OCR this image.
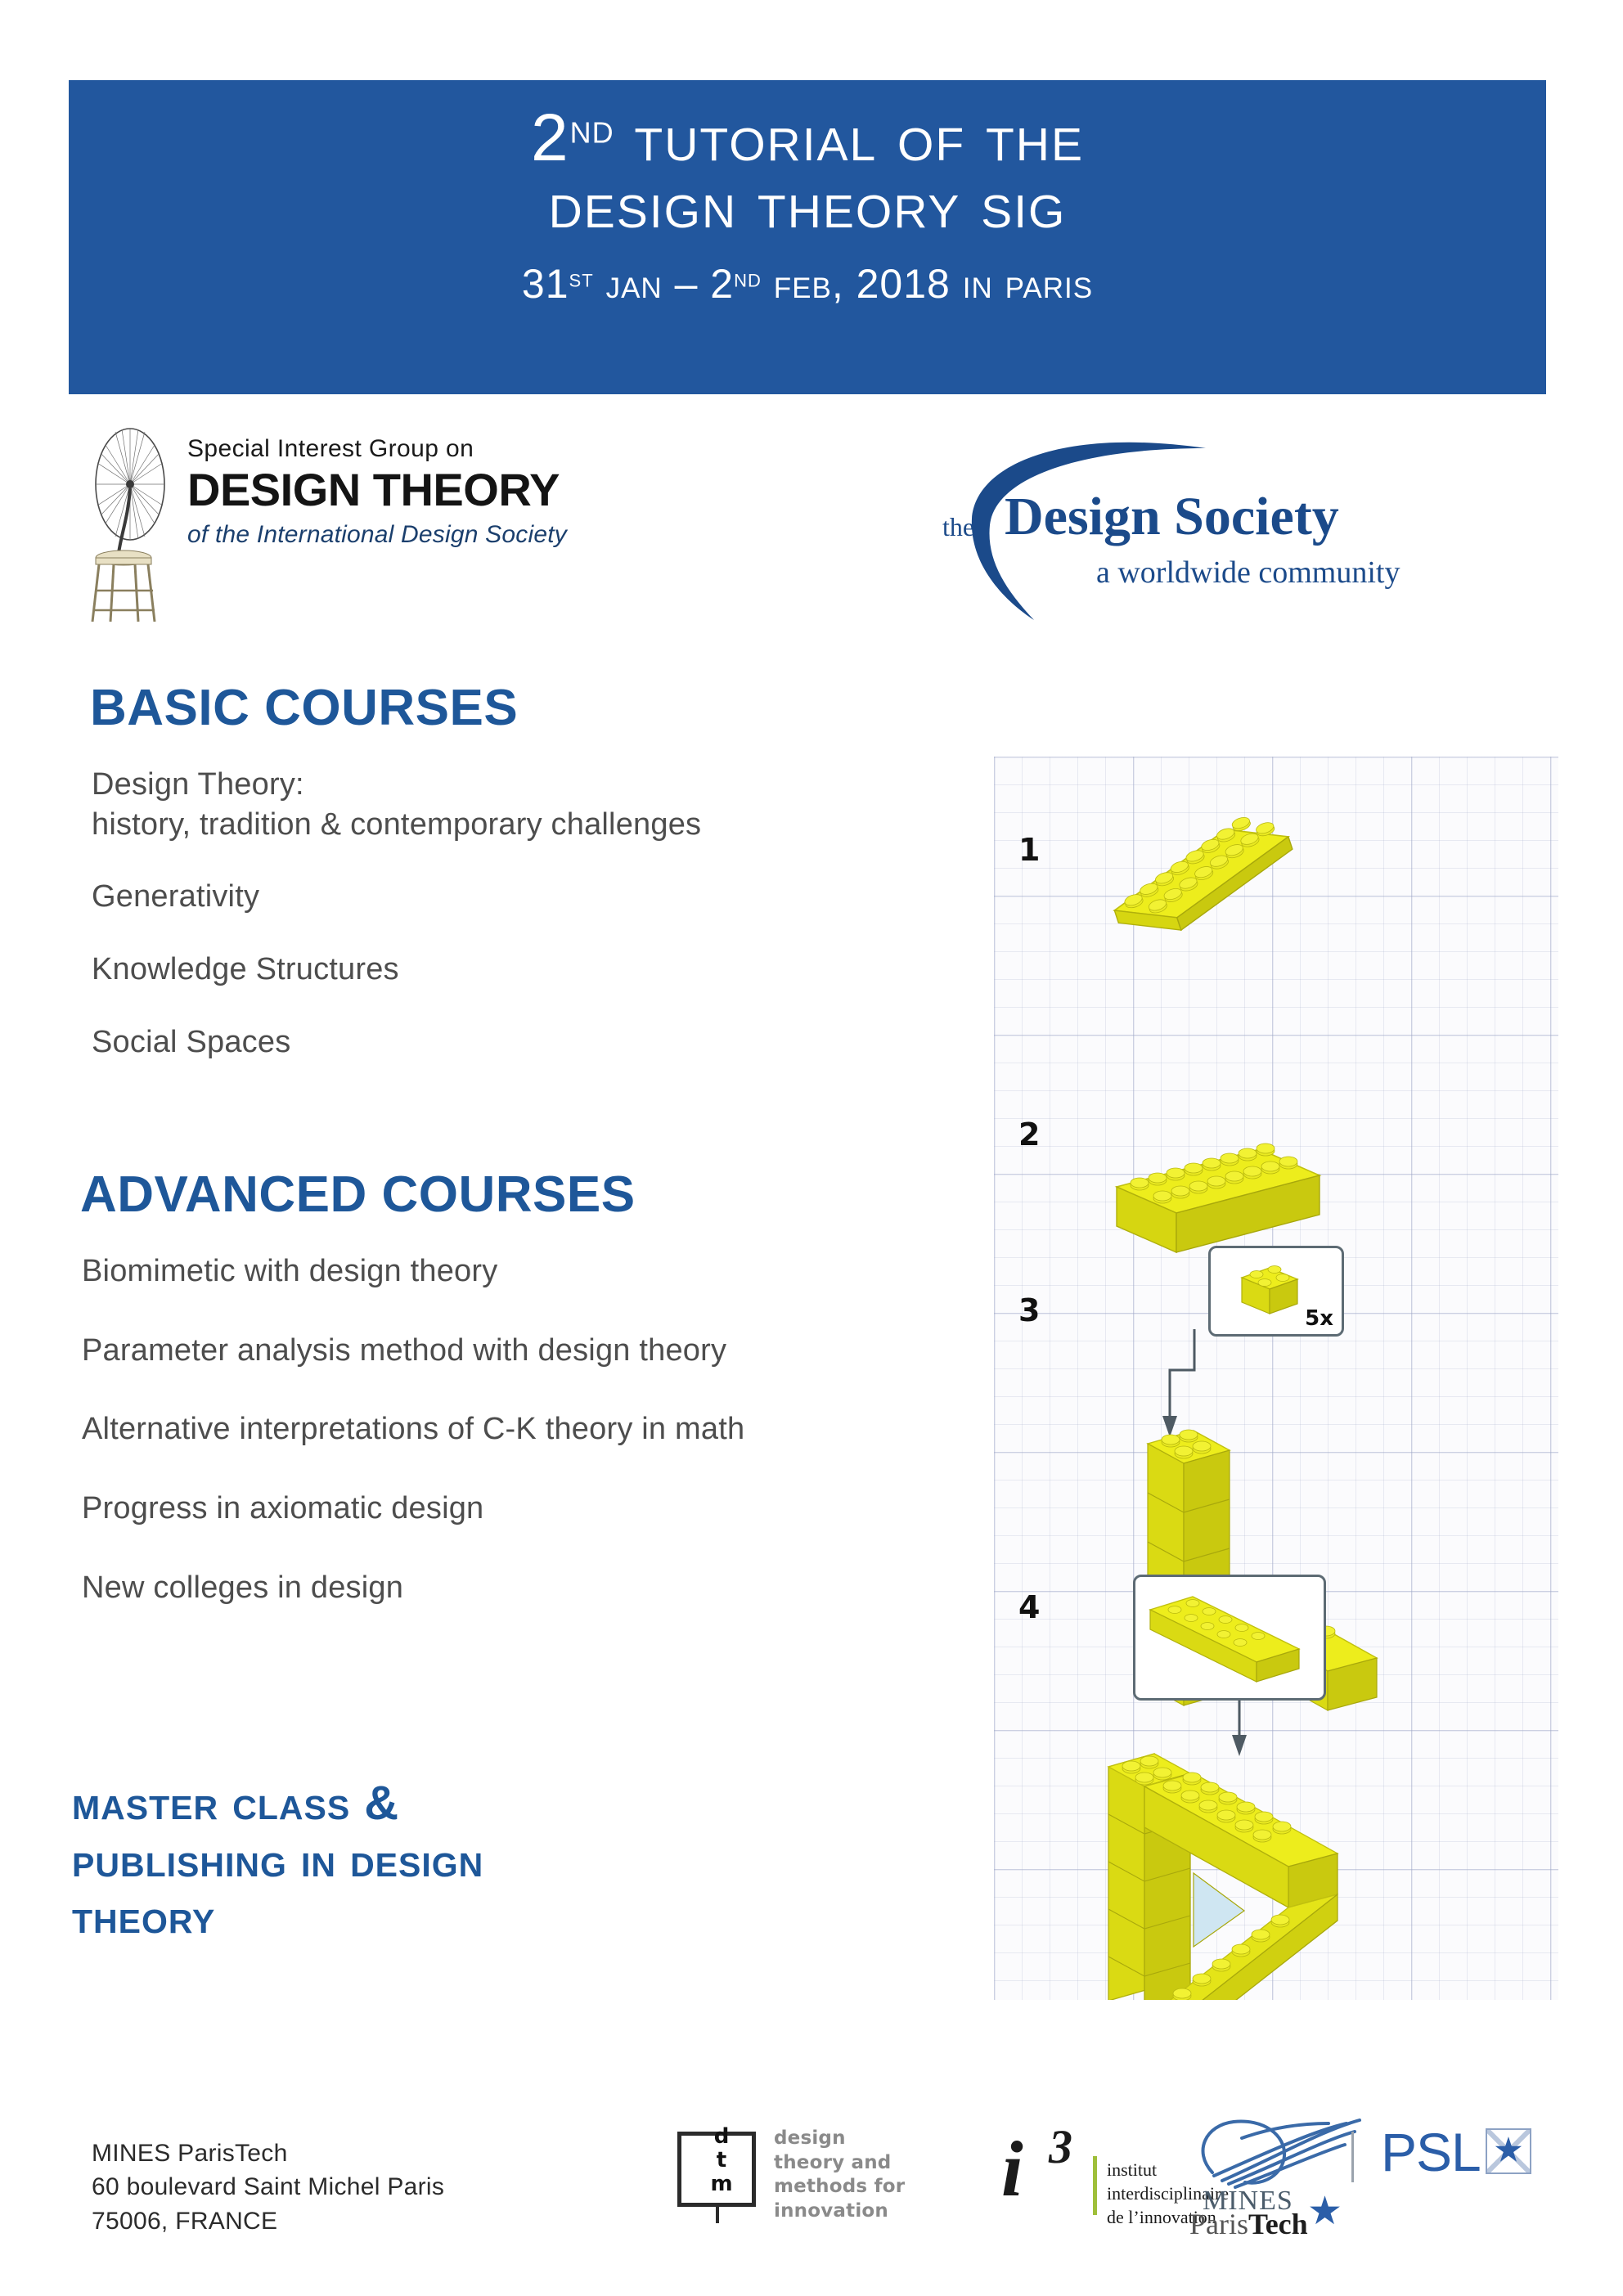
2nd tutorial of the
design theory sig
31st jan – 2nd feb, 2018 in paris
Special Interest Group on
DESIGN THEORY
of the International Design Society	the Design Society
a worldwide community
BASIC COURSES
Design Theory:
history, tradition & contemporary challenges
Generativity
Knowledge Structures
Social Spaces
ADVANCED COURSES
Biomimetic with design theory
Parameter analysis method with design theory
Alternative interpretations of C-K theory in math
Progress in axiomatic design
New colleges in design
master class &
publishing in design
theory
1
2
3
4
5x
MINES ParisTech
60 boulevard Saint Michel Paris
75006, FRANCE
d
t
m
design
theory and
methods for
innovation i 3 institut
interdisciplinaire
de l’innovation
MINES
ParisTech ★
PSL ★
